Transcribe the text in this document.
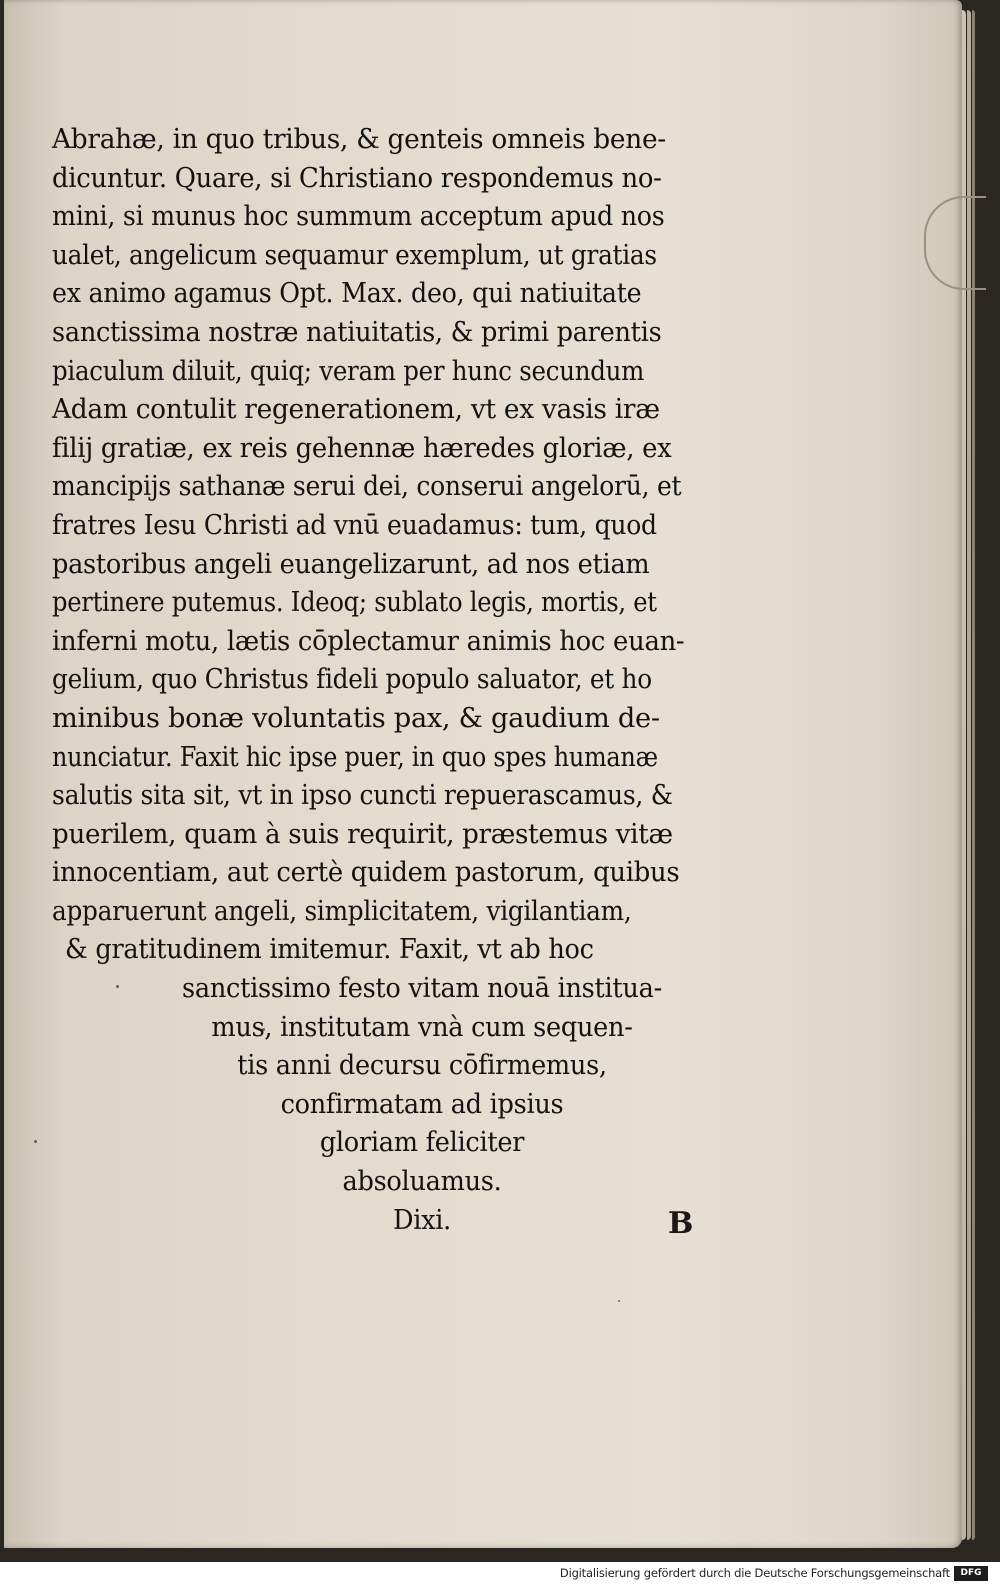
Abrahæ, in quo tribus, & genteis omneis bene-
dicuntur. Quare, si Christiano respondemus no-
mini, si munus hoc summum acceptum apud nos
ualet, angelicum sequamur exemplum, ut gratias
ex animo agamus Opt. Max. deo, qui natiuitate
sanctissima nostræ natiuitatis, & primi parentis
piaculum diluit, quiq; veram per hunc secundum
Adam contulit regenerationem, vt ex vasis iræ
filij gratiæ, ex reis gehennæ hæredes gloriæ, ex
mancipijs sathanæ serui dei, conserui angelorū, et
fratres Iesu Christi ad vnū euadamus: tum, quod
pastoribus angeli euangelizarunt, ad nos etiam
pertinere putemus. Ideoq; sublato legis, mortis, et
inferni motu, lætis cōplectamur animis hoc euan-
gelium, quo Christus fideli populo saluator, et ho
minibus bonæ voluntatis pax, & gaudium de-
nunciatur. Faxit hic ipse puer, in quo spes humanæ
salutis sita sit, vt in ipso cuncti repuerascamus, &
puerilem, quam à suis requirit, præstemus vitæ
innocentiam, aut certè quidem pastorum, quibus
apparuerunt angeli, simplicitatem, vigilantiam,
& gratitudinem imitemur. Faxit, vt ab hoc
sanctissimo festo vitam nouā institua-
mus, institutam vnà cum sequen-
tis anni decursu cōfirmemus,
confirmatam ad ipsius
gloriam feliciter
absoluamus.
Dixi.	B
Digitalisierung gefördert durch die Deutsche Forschungsgemeinschaft	DFG
